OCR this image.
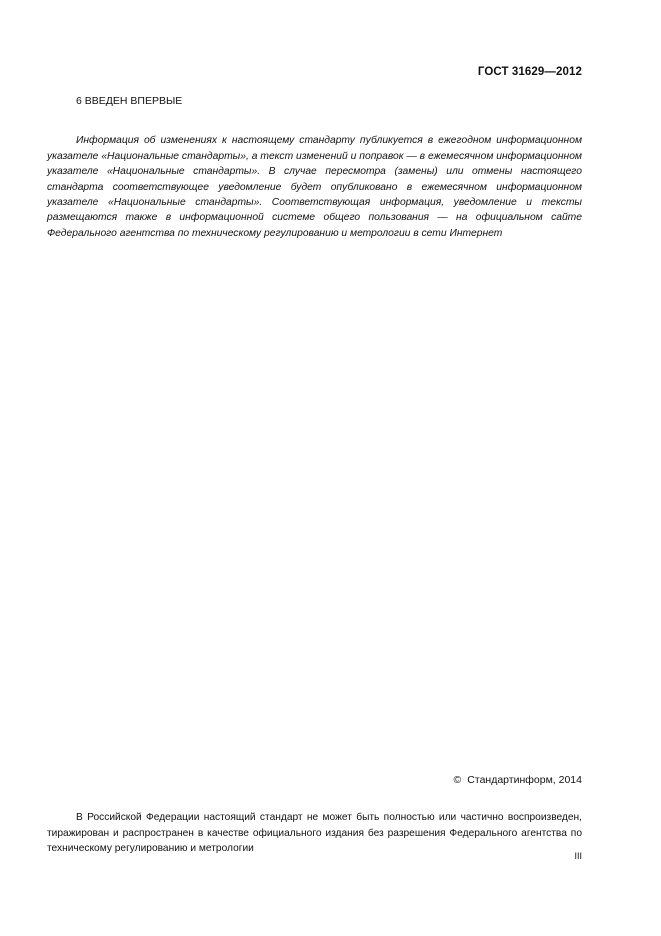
ГОСТ 31629—2012
6 ВВЕДЕН ВПЕРВЫЕ

Информация об изменениях к настоящему стандарту публикуется в ежегодном информационном указателе «Национальные стандарты», а текст изменений и поправок — в ежемесячном информационном указателе «Национальные стандарты». В случае пересмотра (замены) или отмены настоящего стандарта соответствующее уведомление будет опубликовано в ежемесячном информационном указателе «Национальные стандарты». Соответствующая информация, уведомление и тексты размещаются также в информационной системе общего пользования — на официальном сайте Федерального агентства по техническому регулированию и метрологии в сети Интернет

© Стандартинформ, 2014

В Российской Федерации настоящий стандарт не может быть полностью или частично воспроизведен, тиражирован и распространен в качестве официального издания без разрешения Федерального агентства по техническому регулированию и метрологии

III
